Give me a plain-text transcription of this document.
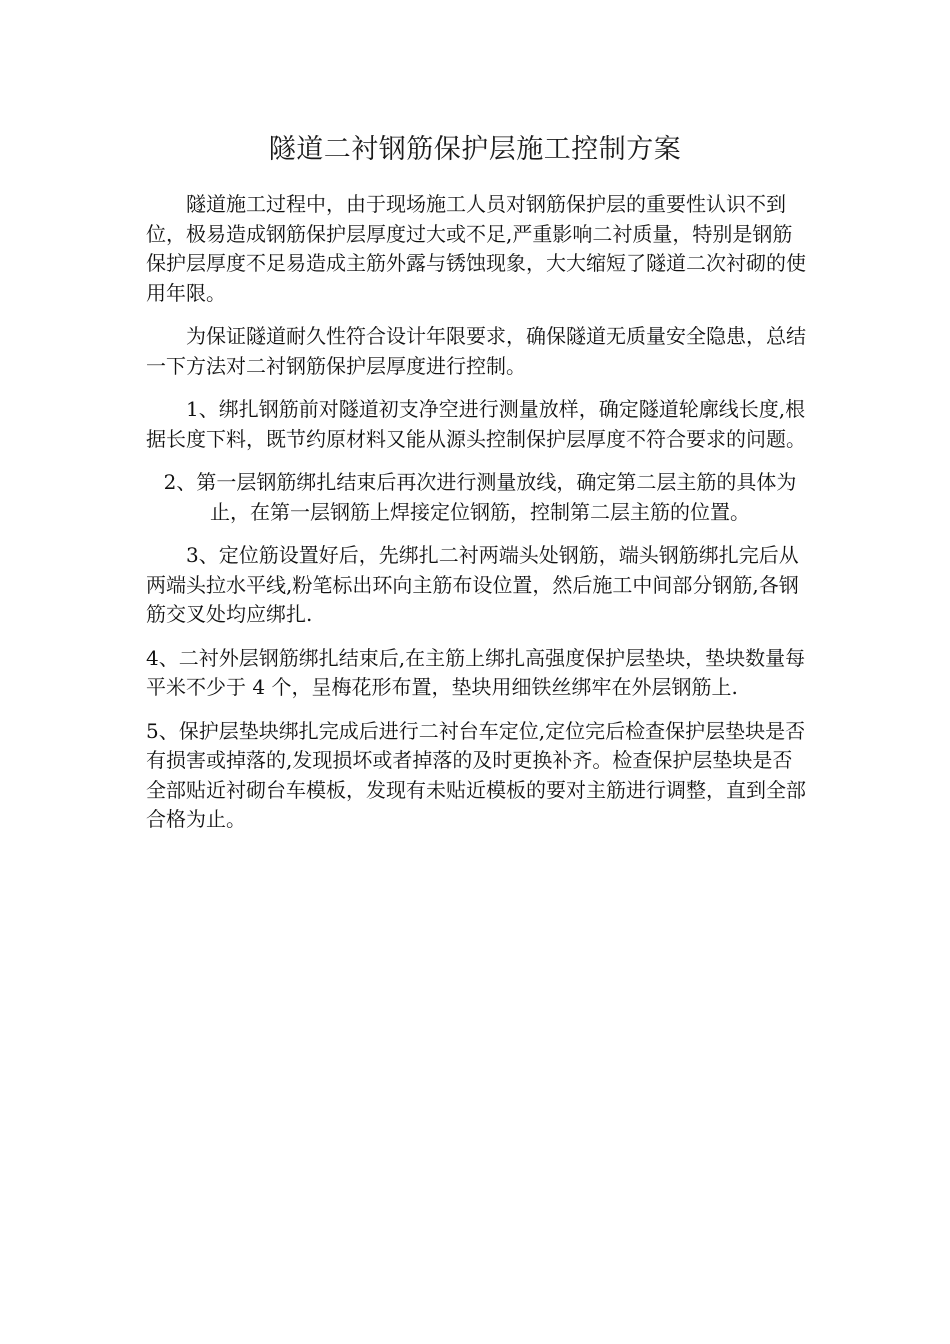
隧道二衬钢筋保护层施工控制方案

隧道施工过程中，由于现场施工人员对钢筋保护层的重要性认识不到位，极易造成钢筋保护层厚度过大或不足,严重影响二衬质量，特别是钢筋保护层厚度不足易造成主筋外露与锈蚀现象，大大缩短了隧道二次衬砌的使用年限。

为保证隧道耐久性符合设计年限要求，确保隧道无质量安全隐患，总结一下方法对二衬钢筋保护层厚度进行控制。

1、绑扎钢筋前对隧道初支净空进行测量放样，确定隧道轮廓线长度,根据长度下料，既节约原材料又能从源头控制保护层厚度不符合要求的问题。

2、第一层钢筋绑扎结束后再次进行测量放线，确定第二层主筋的具体为止，在第一层钢筋上焊接定位钢筋，控制第二层主筋的位置。

3、定位筋设置好后，先绑扎二衬两端头处钢筋，端头钢筋绑扎完后从两端头拉水平线,粉笔标出环向主筋布设位置，然后施工中间部分钢筋,各钢筋交叉处均应绑扎.

4、二衬外层钢筋绑扎结束后,在主筋上绑扎高强度保护层垫块，垫块数量每平米不少于 4 个，呈梅花形布置，垫块用细铁丝绑牢在外层钢筋上.

5、保护层垫块绑扎完成后进行二衬台车定位,定位完后检查保护层垫块是否有损害或掉落的,发现损坏或者掉落的及时更换补齐。检查保护层垫块是否全部贴近衬砌台车模板，发现有未贴近模板的要对主筋进行调整，直到全部合格为止。
